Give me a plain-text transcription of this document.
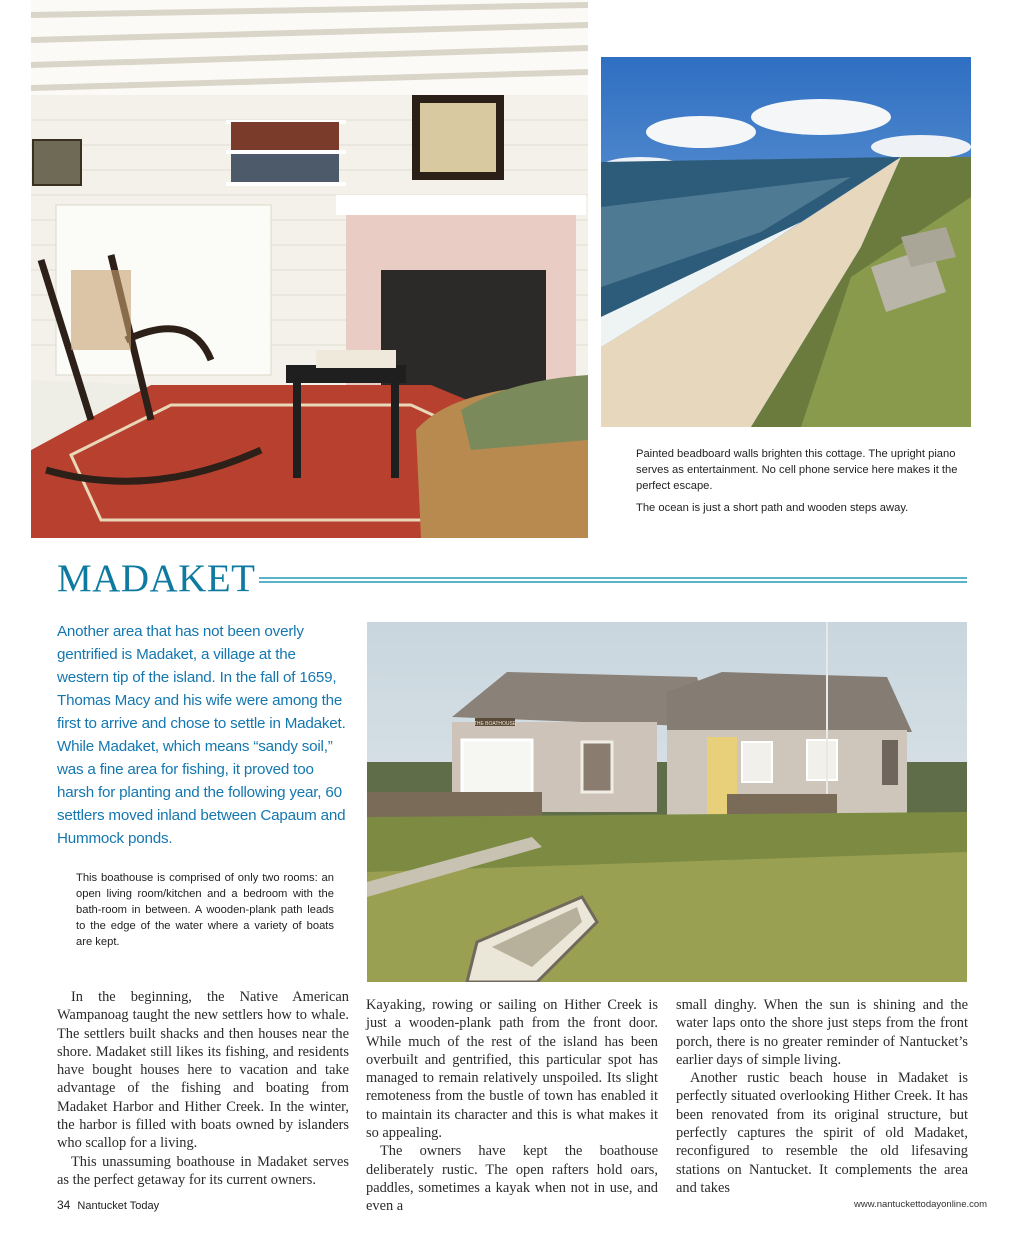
Painted beadboard walls brighten this cottage. The upright piano serves as entertainment. No cell phone service here makes it the perfect escape.

The ocean is just a short path and wooden steps away.

MADAKET
Another area that has not been overly gentrified is Madaket, a village at the western tip of the island. In the fall of 1659, Thomas Macy and his wife were among the first to arrive and chose to settle in Madaket. While Madaket, which means “sandy soil,” was a fine area for fishing, it proved too harsh for planting and the following year, 60 settlers moved inland between Capaum and Hummock ponds.
THE BOATHOUSE
This boathouse is comprised of only two rooms: an open living room/kitchen and a bedroom with the bath-room in between. A wooden-plank path leads to the edge of the water where a variety of boats are kept.

In the beginning, the Native American Wampanoag taught the new settlers how to whale. The settlers built shacks and then houses near the shore. Madaket still likes its fishing, and residents have bought houses here to vacation and take advantage of the fishing and boating from Madaket Harbor and Hither Creek. In the winter, the harbor is filled with boats owned by islanders who scallop for a living.

This unassuming boathouse in Madaket serves as the perfect getaway for its current owners.

Kayaking, rowing or sailing on Hither Creek is just a wooden-plank path from the front door. While much of the rest of the island has been overbuilt and gentrified, this particular spot has managed to remain relatively unspoiled. Its slight remoteness from the bustle of town has enabled it to maintain its character and this is what makes it so appealing.

The owners have kept the boathouse deliberately rustic. The open rafters hold oars, paddles, sometimes a kayak when not in use, and even a

small dinghy. When the sun is shining and the water laps onto the shore just steps from the front porch, there is no greater reminder of Nantucket’s earlier days of simple living.

Another rustic beach house in Madaket is perfectly situated overlooking Hither Creek. It has been renovated from its original structure, but perfectly captures the spirit of old Madaket, reconfigured to resemble the old lifesaving stations on Nantucket. It complements the area and takes

34 Nantucket Today	www.nantuckettodayonline.com
